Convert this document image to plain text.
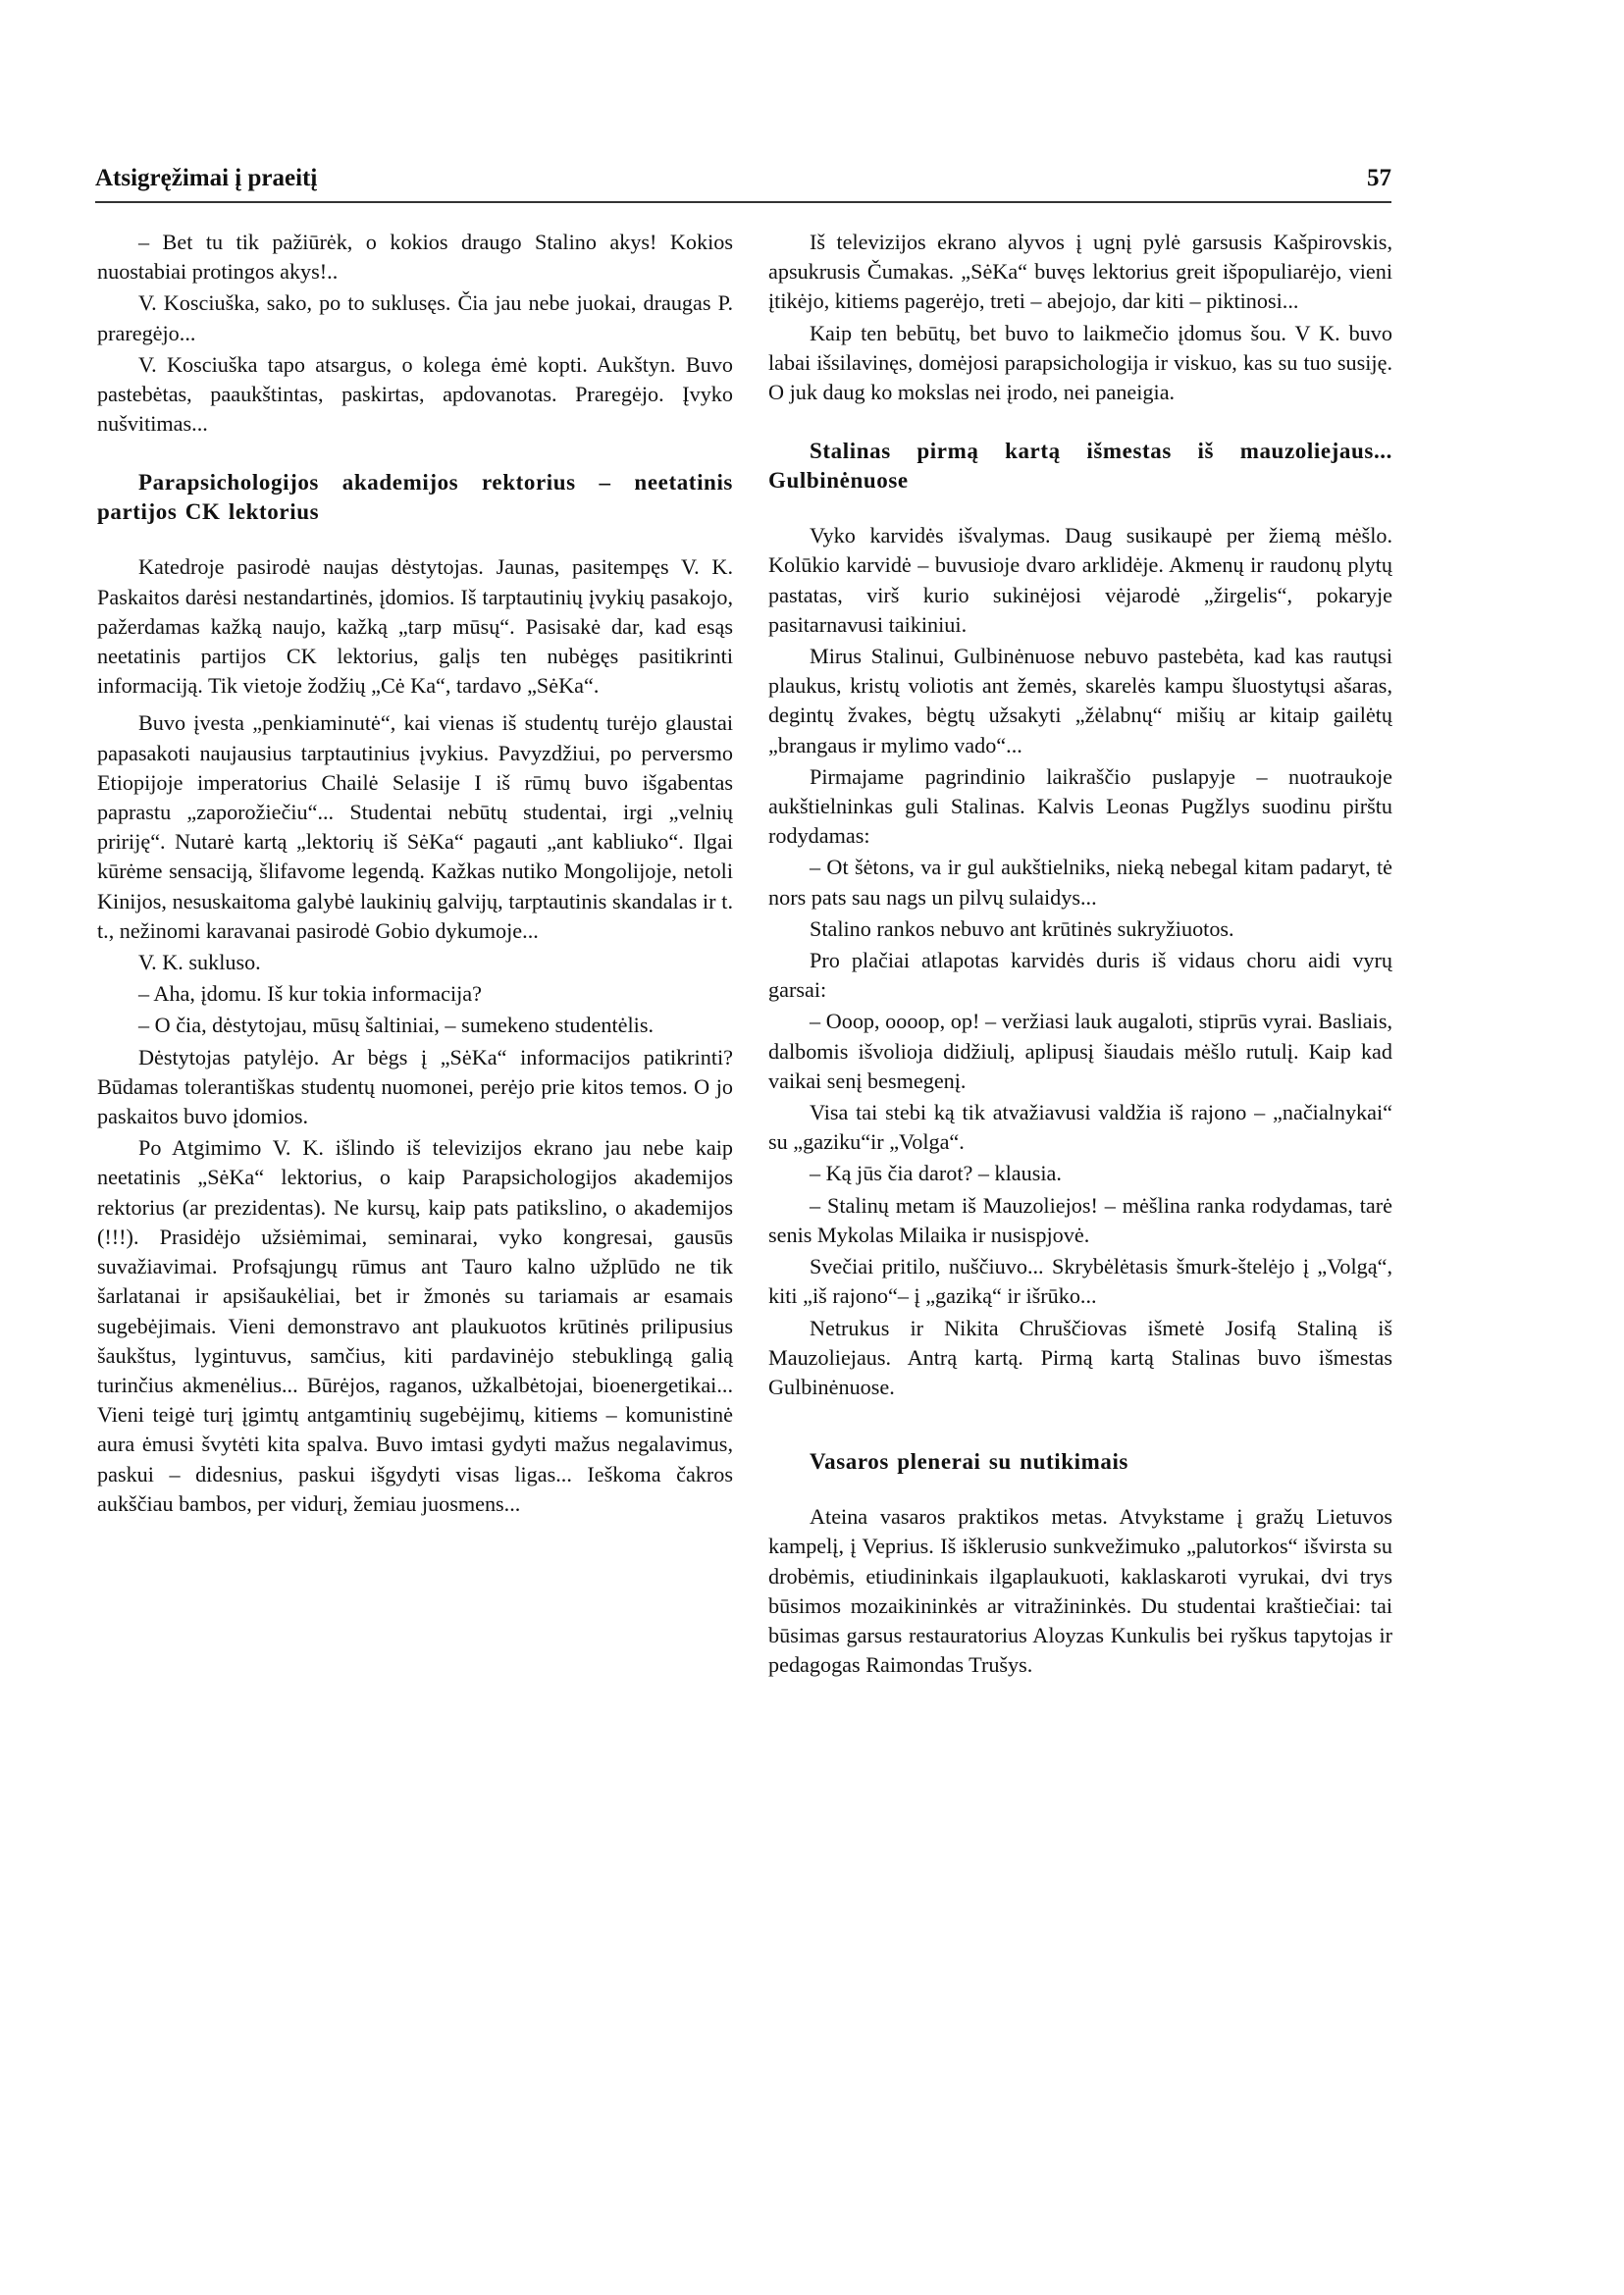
Atsigręžimai į praeitį	57

– Bet tu tik pažiūrėk, o kokios draugo Stalino akys! Kokios nuostabiai protingos akys!..

V. Kosciuška, sako, po to suklusęs. Čia jau nebe juokai, draugas P. praregėjo...

V. Kosciuška tapo atsargus, o kolega ėmė kopti. Aukštyn. Buvo pastebėtas, paaukštintas, paskirtas, apdovanotas. Praregėjo. Įvyko nušvitimas...

Parapsichologijos akademijos rektorius – neetatinis partijos CK lektorius

Katedroje pasirodė naujas dėstytojas. Jaunas, pasitempęs V. K. Paskaitos darėsi nestandartinės, įdomios. Iš tarptautinių įvykių pasakojo, pažerdamas kažką naujo, kažką „tarp mūsų“. Pasisakė dar, kad esąs neetatinis partijos CK lektorius, galįs ten nubėgęs pasitikrinti informaciją. Tik vietoje žodžių „Cė Ka“, tardavo „SėKa“.

Buvo įvesta „penkiaminutė“, kai vienas iš studentų turėjo glaustai papasakoti naujausius tarptautinius įvykius. Pavyzdžiui, po perversmo Etiopijoje imperatorius Chailė Selasije I iš rūmų buvo išgabentas paprastu „zaporožiečiu“... Studentai nebūtų studentai, irgi „velnių pririję“. Nutarė kartą „lektorių iš SėKa“ pagauti „ant kabliuko“. Ilgai kūrėme sensaciją, šlifavome legendą. Kažkas nutiko Mongolijoje, netoli Kinijos, nesuskaitoma galybė laukinių galvijų, tarptautinis skandalas ir t. t., nežinomi karavanai pasirodė Gobio dykumoje...

V. K. sukluso.

– Aha, įdomu. Iš kur tokia informacija?

– O čia, dėstytojau, mūsų šaltiniai, – sumekeno studentėlis.

Dėstytojas patylėjo. Ar bėgs į „SėKa“ informacijos patikrinti? Būdamas tolerantiškas studentų nuomonei, perėjo prie kitos temos. O jo paskaitos buvo įdomios.

Po Atgimimo V. K. išlindo iš televizijos ekrano jau nebe kaip neetatinis „SėKa“ lektorius, o kaip Parapsichologijos akademijos rektorius (ar prezidentas). Ne kursų, kaip pats patikslino, o akademijos (!!!). Prasidėjo užsiėmimai, seminarai, vyko kongresai, gausūs suvažiavimai. Profsąjungų rūmus ant Tauro kalno užplūdo ne tik šarlatanai ir apsišaukėliai, bet ir žmonės su tariamais ar esamais sugebėjimais. Vieni demonstravo ant plaukuotos krūtinės prilipusius šaukštus, lygintuvus, samčius, kiti pardavinėjo stebuklingą galią turinčius akmenėlius... Būrėjos, raganos, užkalbėtojai, bioenergetikai... Vieni teigė turį įgimtų antgamtinių sugebėjimų, kitiems – komunistinė aura ėmusi švytėti kita spalva. Buvo imtasi gydyti mažus negalavimus, paskui – didesnius, paskui išgydyti visas ligas... Ieškoma čakros aukščiau bambos, per vidurį, žemiau juosmens...

Iš televizijos ekrano alyvos į ugnį pylė garsusis Kašpirovskis, apsukrusis Čumakas. „SėKa“ buvęs lektorius greit išpopuliarėjo, vieni įtikėjo, kitiems pagerėjo, treti – abejojo, dar kiti – piktinosi...

Kaip ten bebūtų, bet buvo to laikmečio įdomus šou. V K. buvo labai išsilavinęs, domėjosi parapsichologija ir viskuo, kas su tuo susiję. O juk daug ko mokslas nei įrodo, nei paneigia.

Stalinas pirmą kartą išmestas iš mauzoliejaus... Gulbinėnuose

Vyko karvidės išvalymas. Daug susikaupė per žiemą mėšlo. Kolūkio karvidė – buvusioje dvaro arklidėje. Akmenų ir raudonų plytų pastatas, virš kurio sukinėjosi vėjarodė „žirgelis“, pokaryje pasitarnavusi taikiniui.

Mirus Stalinui, Gulbinėnuose nebuvo pastebėta, kad kas rautųsi plaukus, kristų voliotis ant žemės, skarelės kampu šluostytųsi ašaras, degintų žvakes, bėgtų užsakyti „žėlabnų“ mišių ar kitaip gailėtų „brangaus ir mylimo vado“...

Pirmajame pagrindinio laikraščio puslapyje – nuotraukoje aukštielninkas guli Stalinas. Kalvis Leonas Pugžlys suodinu pirštu rodydamas:

– Ot šėtons, va ir gul aukštielniks, nieką nebegal kitam padaryt, tė nors pats sau nags un pilvų sulaidys...

Stalino rankos nebuvo ant krūtinės sukryžiuotos.

Pro plačiai atlapotas karvidės duris iš vidaus choru aidi vyrų garsai:

– Ooop, oooop, op! – veržiasi lauk augaloti, stiprūs vyrai. Basliais, dalbomis išvolioja didžiulį, aplipusį šiaudais mėšlo rutulį. Kaip kad vaikai senį besmegenį.

Visa tai stebi ką tik atvažiavusi valdžia iš rajono – „načialnykai“ su „gaziku“ir „Volga“.

– Ką jūs čia darot? – klausia.

– Stalinų metam iš Mauzoliejos! – mėšlina ranka rodydamas, tarė senis Mykolas Milaika ir nusispjovė.

Svečiai pritilo, nuščiuvo... Skrybėlėtasis šmurk-štelėjo į „Volgą“, kiti „iš rajono“– į „gaziką“ ir išrūko...

Netrukus ir Nikita Chruščiovas išmetė Josifą Staliną iš Mauzoliejaus. Antrą kartą. Pirmą kartą Stalinas buvo išmestas Gulbinėnuose.

Vasaros plenerai su nutikimais

Ateina vasaros praktikos metas. Atvykstame į gražų Lietuvos kampelį, į Veprius. Iš išklerusio sunkvežimuko „palutorkos“ išvirsta su drobėmis, etiudininkais ilgaplaukuoti, kaklaskaroti vyrukai, dvi trys būsimos mozaikininkės ar vitražininkės. Du studentai kraštiečiai: tai būsimas garsus restauratorius Aloyzas Kunkulis bei ryškus tapytojas ir pedagogas Raimondas Trušys.
